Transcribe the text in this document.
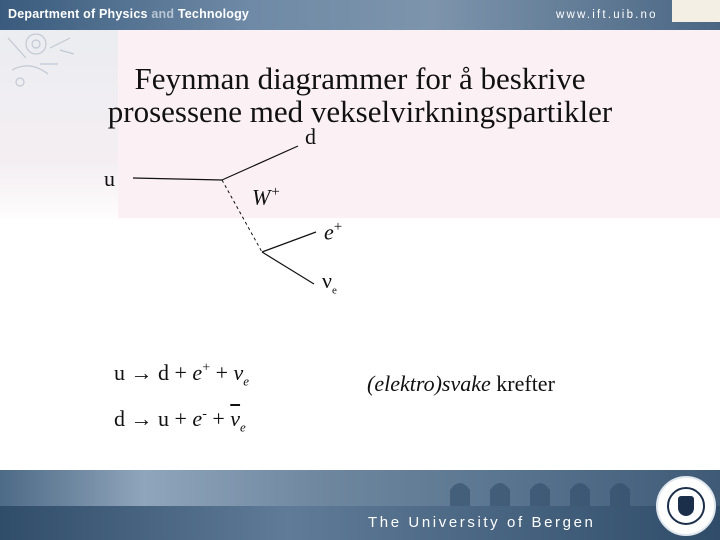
Department of Physics and Technology	www.ift.uib.no
Feynman diagrammer for å beskrive prosessene med vekselvirkningspartikler
u
d
W+
e+
$\nu_e$
$u \to d + e^+ + \nu_e$
$d \to u + e^- + \overline{\nu}_e$
(elektro)svake krefter
The University of Bergen
